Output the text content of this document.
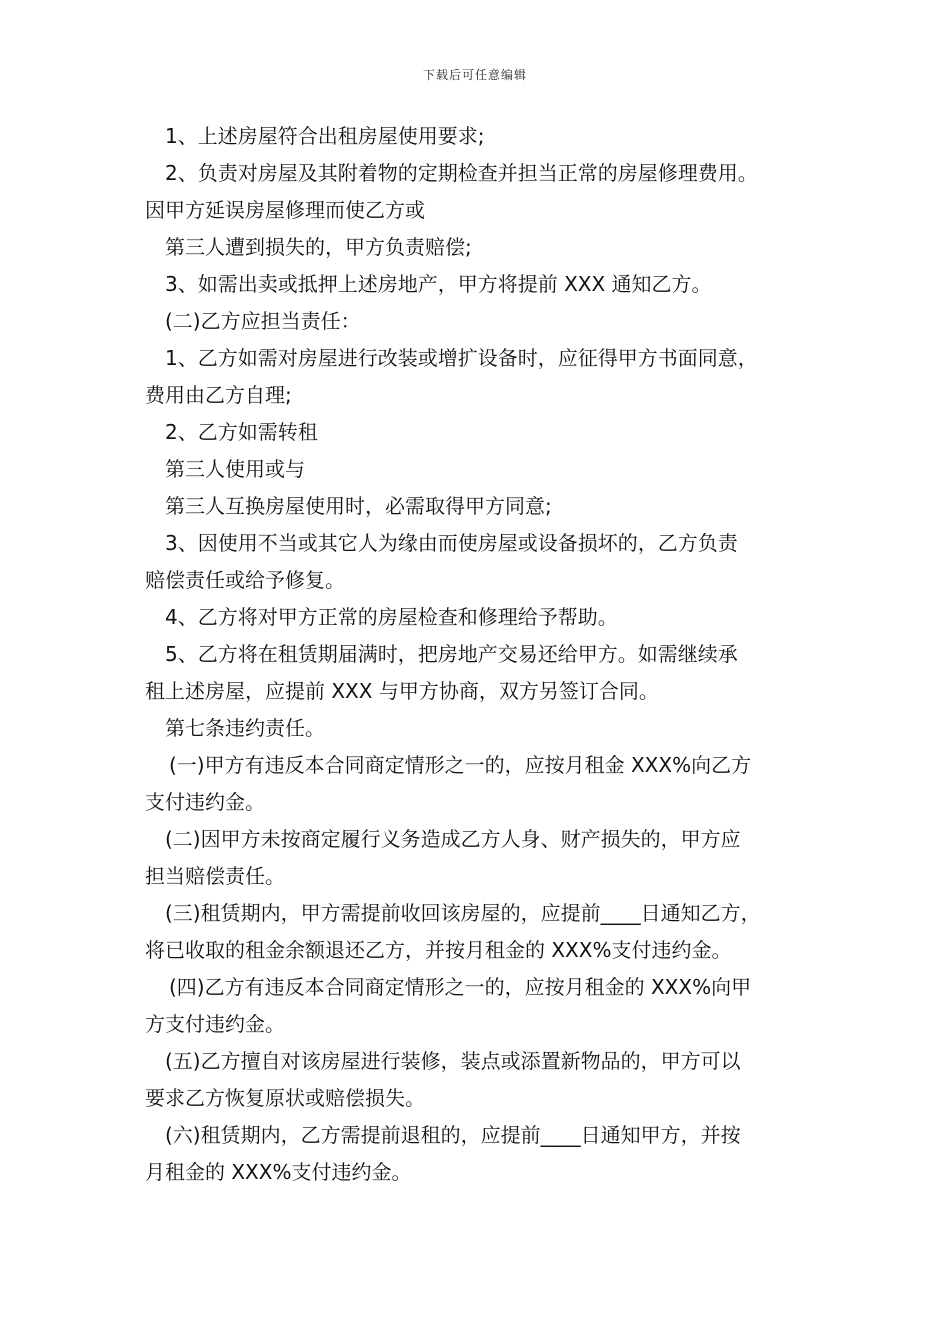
下载后可任意编辑
1、上述房屋符合出租房屋使用要求;
2、负责对房屋及其附着物的定期检查并担当正常的房屋修理费用。
因甲方延误房屋修理而使乙方或
第三人遭到损失的，甲方负责赔偿;
3、如需出卖或抵押上述房地产，甲方将提前 XXX 通知乙方。
(二)乙方应担当责任：
1、乙方如需对房屋进行改装或增扩设备时，应征得甲方书面同意，
费用由乙方自理;
2、乙方如需转租
第三人使用或与
第三人互换房屋使用时，必需取得甲方同意;
3、因使用不当或其它人为缘由而使房屋或设备损坏的，乙方负责
赔偿责任或给予修复。
4、乙方将对甲方正常的房屋检查和修理给予帮助。
5、乙方将在租赁期届满时，把房地产交易还给甲方。如需继续承
租上述房屋，应提前 XXX 与甲方协商，双方另签订合同。
第七条违约责任。
(一)甲方有违反本合同商定情形之一的，应按月租金 XXX%向乙方
支付违约金。
(二)因甲方未按商定履行义务造成乙方人身、财产损失的，甲方应
担当赔偿责任。
(三)租赁期内，甲方需提前收回该房屋的，应提前____日通知乙方，
将已收取的租金余额退还乙方，并按月租金的 XXX%支付违约金。
(四)乙方有违反本合同商定情形之一的，应按月租金的 XXX%向甲
方支付违约金。
(五)乙方擅自对该房屋进行装修，装点或添置新物品的，甲方可以
要求乙方恢复原状或赔偿损失。
(六)租赁期内，乙方需提前退租的，应提前____日通知甲方，并按
月租金的 XXX%支付违约金。
